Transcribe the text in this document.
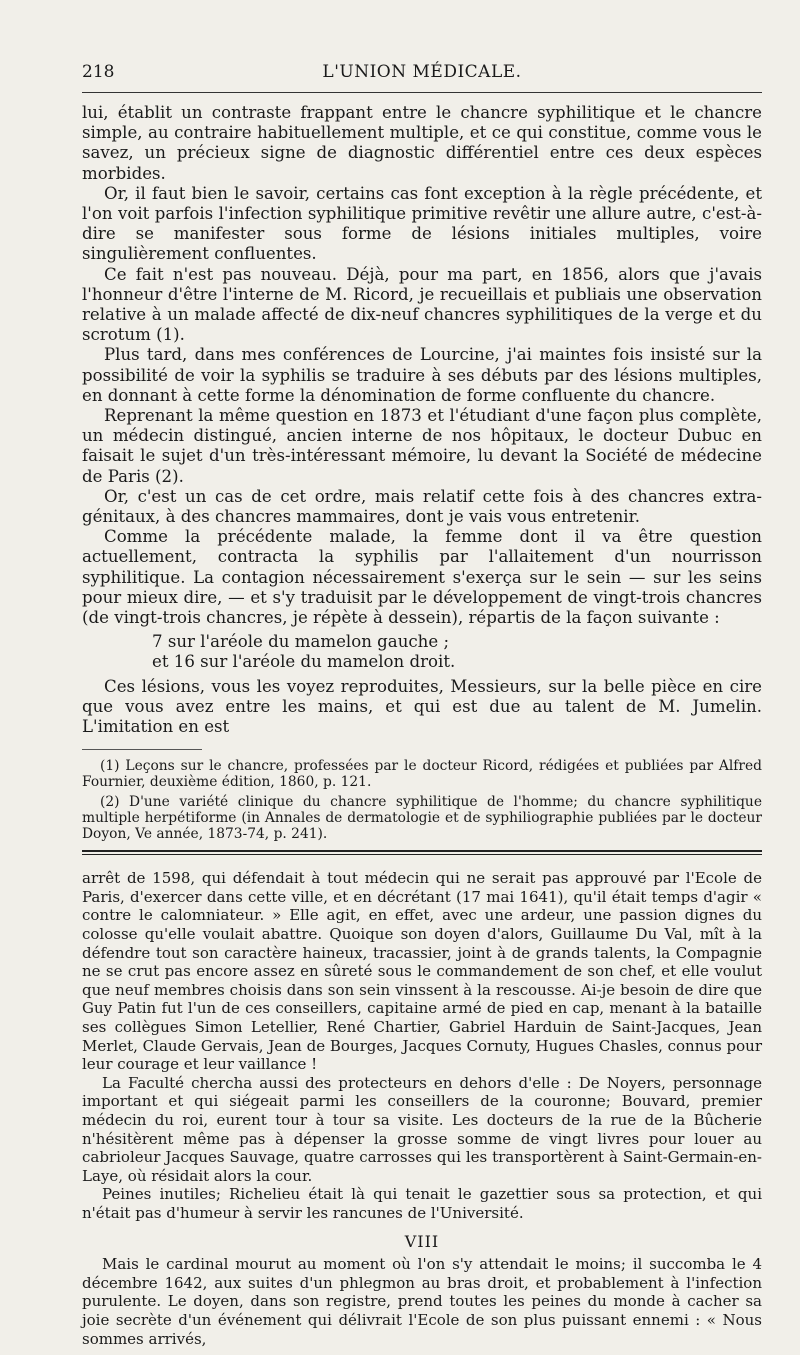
218	L'UNION MÉDICALE.

lui, établit un contraste frappant entre le chancre syphilitique et le chancre simple, au contraire habituellement multiple, et ce qui constitue, comme vous le savez, un précieux signe de diagnostic différentiel entre ces deux espèces morbides.

Or, il faut bien le savoir, certains cas font exception à la règle précédente, et l'on voit parfois l'infection syphilitique primitive revêtir une allure autre, c'est-à-dire se manifester sous forme de lésions initiales multiples, voire singulièrement confluentes.

Ce fait n'est pas nouveau. Déjà, pour ma part, en 1856, alors que j'avais l'honneur d'être l'interne de M. Ricord, je recueillais et publiais une observation relative à un malade affecté de dix-neuf chancres syphilitiques de la verge et du scrotum (1).

Plus tard, dans mes conférences de Lourcine, j'ai maintes fois insisté sur la possibilité de voir la syphilis se traduire à ses débuts par des lésions multiples, en donnant à cette forme la dénomination de forme confluente du chancre.

Reprenant la même question en 1873 et l'étudiant d'une façon plus complète, un médecin distingué, ancien interne de nos hôpitaux, le docteur Dubuc en faisait le sujet d'un très-intéressant mémoire, lu devant la Société de médecine de Paris (2).

Or, c'est un cas de cet ordre, mais relatif cette fois à des chancres extra-génitaux, à des chancres mammaires, dont je vais vous entretenir.

Comme la précédente malade, la femme dont il va être question actuellement, contracta la syphilis par l'allaitement d'un nourrisson syphilitique. La contagion nécessairement s'exerça sur le sein — sur les seins pour mieux dire, — et s'y traduisit par le développement de vingt-trois chancres (de vingt-trois chancres, je répète à dessein), répartis de la façon suivante :

7 sur l'aréole du mamelon gauche ;
et 16 sur l'aréole du mamelon droit.

Ces lésions, vous les voyez reproduites, Messieurs, sur la belle pièce en cire que vous avez entre les mains, et qui est due au talent de M. Jumelin. L'imitation en est

(1) Leçons sur le chancre, professées par le docteur Ricord, rédigées et publiées par Alfred Fournier, deuxième édition, 1860, p. 121.

(2) D'une variété clinique du chancre syphilitique de l'homme; du chancre syphilitique multiple herpétiforme (in Annales de dermatologie et de syphiliographie publiées par le docteur Doyon, Ve année, 1873-74, p. 241).

arrêt de 1598, qui défendait à tout médecin qui ne serait pas approuvé par l'Ecole de Paris, d'exercer dans cette ville, et en décrétant (17 mai 1641), qu'il était temps d'agir « contre le calomniateur. » Elle agit, en effet, avec une ardeur, une passion dignes du colosse qu'elle voulait abattre. Quoique son doyen d'alors, Guillaume Du Val, mît à la défendre tout son caractère haineux, tracassier, joint à de grands talents, la Compagnie ne se crut pas encore assez en sûreté sous le commandement de son chef, et elle voulut que neuf membres choisis dans son sein vinssent à la rescousse. Ai-je besoin de dire que Guy Patin fut l'un de ces conseillers, capitaine armé de pied en cap, menant à la bataille ses collègues Simon Letellier, René Chartier, Gabriel Harduin de Saint-Jacques, Jean Merlet, Claude Gervais, Jean de Bourges, Jacques Cornuty, Hugues Chasles, connus pour leur courage et leur vaillance !

La Faculté chercha aussi des protecteurs en dehors d'elle : De Noyers, personnage important et qui siégeait parmi les conseillers de la couronne; Bouvard, premier médecin du roi, eurent tour à tour sa visite. Les docteurs de la rue de la Bûcherie n'hésitèrent même pas à dépenser la grosse somme de vingt livres pour louer au cabrioleur Jacques Sauvage, quatre carrosses qui les transportèrent à Saint-Germain-en-Laye, où résidait alors la cour.

Peines inutiles; Richelieu était là qui tenait le gazettier sous sa protection, et qui n'était pas d'humeur à servir les rancunes de l'Université.

VIII

Mais le cardinal mourut au moment où l'on s'y attendait le moins; il succomba le 4 décembre 1642, aux suites d'un phlegmon au bras droit, et probablement à l'infection purulente. Le doyen, dans son registre, prend toutes les peines du monde à cacher sa joie secrète d'un événement qui délivrait l'Ecole de son plus puissant ennemi : « Nous sommes arrivés,
